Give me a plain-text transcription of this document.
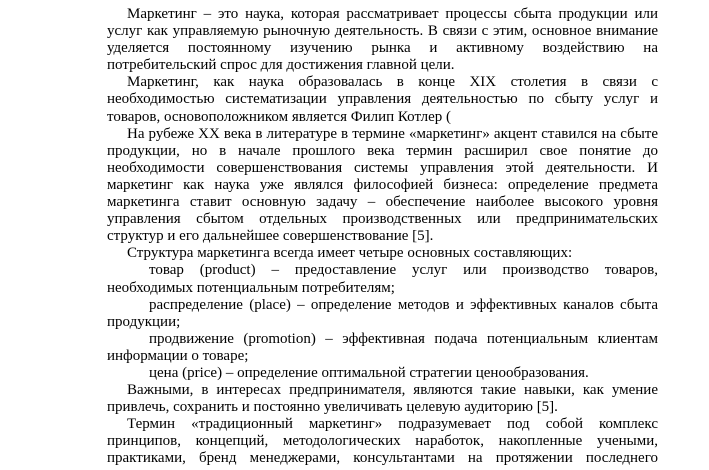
Маркетинг – это наука, которая рассматривает процессы сбыта продукции или услуг как управляемую рыночную деятельность. В связи с этим, основное внимание уделяется постоянному изучению рынка и активному воздействию на потребительский спрос для достижения главной цели.

Маркетинг, как наука образовалась в конце XIX столетия в связи с необходимостью систематизации управления деятельностью по сбыту услуг и товаров, основоположником является Филип Котлер (

На рубеже XX века в литературе в термине «маркетинг» акцент ставился на сбыте продукции, но в начале прошлого века термин расширил свое понятие до необходимости совершенствования системы управления этой деятельности. И маркетинг как наука уже являлся философией бизнеса: определение предмета маркетинга ставит основную задачу – обеспечение наиболее высокого уровня управления сбытом отдельных производственных или предпринимательских структур и его дальнейшее совершенствование [5].

Структура маркетинга всегда имеет четыре основных составляющих:

товар (product) – предоставление услуг или производство товаров, необходимых потенциальным потребителям;

распределение (place) – определение методов и эффективных каналов сбыта продукции;

продвижение (promotion) – эффективная подача потенциальным клиентам информации о товаре;

цена (price) – определение оптимальной стратегии ценообразования.

Важными, в интересах предпринимателя, являются такие навыки, как умение привлечь, сохранить и постоянно увеличивать целевую аудиторию [5].

Термин «традиционный маркетинг» подразумевает под собой комплекс принципов, концепций, методологических наработок, накопленные учеными, практиками, бренд менеджерами, консультантами на протяжении последнего
